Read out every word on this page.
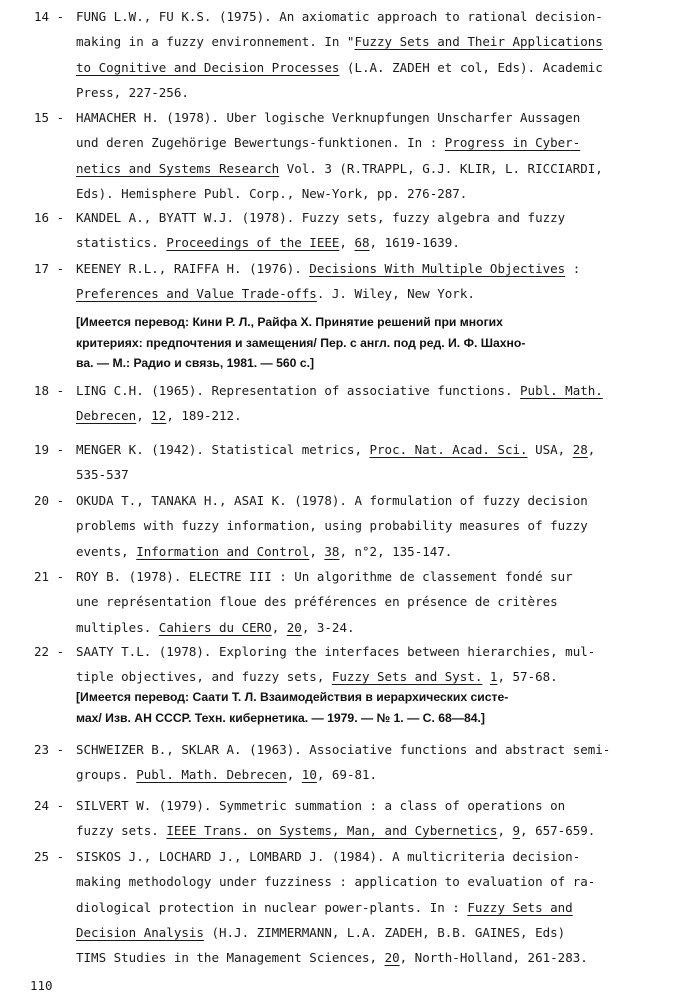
14 - FUNG L.W., FU K.S. (1975). An axiomatic approach to rational decision-
making in a fuzzy environnement. In "Fuzzy Sets and Their Applications
to Cognitive and Decision Processes (L.A. ZADEH et col, Eds). Academic
Press, 227-256.
15 - HAMACHER H. (1978). Uber logische Verknupfungen Unscharfer Aussagen
und deren Zugehörige Bewertungs-funktionen. In : Progress in Cyber-
netics and Systems Research Vol. 3 (R.TRAPPL, G.J. KLIR, L. RICCIARDI,
Eds). Hemisphere Publ. Corp., New-York, pp. 276-287.
16 - KANDEL A., BYATT W.J. (1978). Fuzzy sets, fuzzy algebra and fuzzy
statistics. Proceedings of the IEEE, 68, 1619-1639.
17 - KEENEY R.L., RAIFFA H. (1976). Decisions With Multiple Objectives :
Preferences and Value Trade-offs. J. Wiley, New York.
[Имеется перевод: Кини Р. Л., Райфа Х. Принятие решений при многих
критериях: предпочтения и замещения/ Пер. с англ. под ред. И. Ф. Шахно-
ва. — М.: Радио и связь, 1981. — 560 с.]
18 - LING C.H. (1965). Representation of associative functions. Publ. Math.
Debrecen, 12, 189-212.
19 - MENGER K. (1942). Statistical metrics, Proc. Nat. Acad. Sci. USA, 28,
535-537
20 - OKUDA T., TANAKA H., ASAI K. (1978). A formulation of fuzzy decision
problems with fuzzy information, using probability measures of fuzzy
events, Information and Control, 38, n°2, 135-147.
21 - ROY B. (1978). ELECTRE III : Un algorithme de classement fondé sur
une représentation floue des préférences en présence de critères
multiples. Cahiers du CERO, 20, 3-24.
22 - SAATY T.L. (1978). Exploring the interfaces between hierarchies, mul-
tiple objectives, and fuzzy sets, Fuzzy Sets and Syst. 1, 57-68.
[Имеется перевод: Саати Т. Л. Взаимодействия в иерархических систе-
мах/ Изв. АН СССР. Техн. кибернетика. — 1979. — № 1. — С. 68—84.]
23 - SCHWEIZER B., SKLAR A. (1963). Associative functions and abstract semi-
groups. Publ. Math. Debrecen, 10, 69-81.
24 - SILVERT W. (1979). Symmetric summation : a class of operations on
fuzzy sets. IEEE Trans. on Systems, Man, and Cybernetics, 9, 657-659.
25 - SISKOS J., LOCHARD J., LOMBARD J. (1984). A multicriteria decision-
making methodology under fuzziness : application to evaluation of ra-
diological protection in nuclear power-plants. In : Fuzzy Sets and
Decision Analysis (H.J. ZIMMERMANN, L.A. ZADEH, B.B. GAINES, Eds)
TIMS Studies in the Management Sciences, 20, North-Holland, 261-283.
110
